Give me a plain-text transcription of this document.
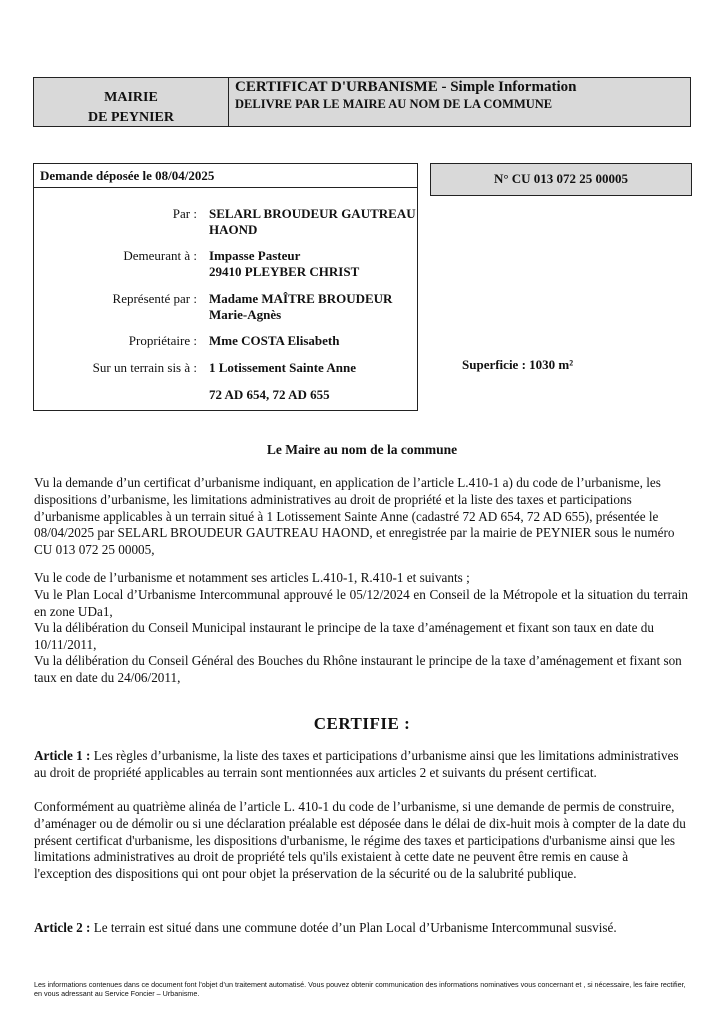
MAIRIE
DE PEYNIER
CERTIFICAT D'URBANISME - Simple Information
DELIVRE PAR LE MAIRE AU NOM DE LA COMMUNE
Demande déposée le 08/04/2025
Par : SELARL BROUDEUR GAUTREAU
HAOND
Demeurant à : Impasse Pasteur
29410 PLEYBER CHRIST
Représenté par : Madame MAÎTRE BROUDEUR
Marie-Agnès
Propriétaire : Mme COSTA Elisabeth
Sur un terrain sis à : 1 Lotissement Sainte Anne
72 AD 654, 72 AD 655
N° CU 013 072 25 00005
Superficie : 1030 m²
Le Maire au nom de la commune
Vu la demande d’un certificat d’urbanisme indiquant, en application de l’article L.410-1 a) du code de l’urbanisme, les dispositions d’urbanisme, les limitations administratives au droit de propriété et la liste des taxes et participations d’urbanisme applicables à un terrain situé à 1 Lotissement Sainte Anne (cadastré 72 AD 654, 72 AD 655), présentée le 08/04/2025 par SELARL BROUDEUR GAUTREAU HAOND, et enregistrée par la mairie de PEYNIER sous le numéro CU 013 072 25 00005,
Vu le code de l’urbanisme et notamment ses articles L.410-1, R.410-1 et suivants ;
Vu le Plan Local d’Urbanisme Intercommunal approuvé le 05/12/2024 en Conseil de la Métropole et la situation du terrain en zone UDa1,
Vu la délibération du Conseil Municipal instaurant le principe de la taxe d’aménagement et fixant son taux en date du 10/11/2011,
Vu la délibération du Conseil Général des Bouches du Rhône instaurant le principe de la taxe d’aménagement et fixant son taux en date du 24/06/2011,
CERTIFIE :
Article 1 : Les règles d’urbanisme, la liste des taxes et participations d’urbanisme ainsi que les limitations administratives au droit de propriété applicables au terrain sont mentionnées aux articles 2 et suivants du présent certificat.
Conformément au quatrième alinéa de l’article L. 410-1 du code de l’urbanisme, si une demande de permis de construire, d’aménager ou de démolir ou si une déclaration préalable est déposée dans le délai de dix-huit mois à compter de la date du présent certificat d'urbanisme, les dispositions d'urbanisme, le régime des taxes et participations d'urbanisme ainsi que les limitations administratives au droit de propriété tels qu'ils existaient à cette date ne peuvent être remis en cause à l'exception des dispositions qui ont pour objet la préservation de la sécurité ou de la salubrité publique.
Article 2 : Le terrain est situé dans une commune dotée d’un Plan Local d’Urbanisme Intercommunal susvisé.
Les informations contenues dans ce document font l’objet d’un traitement automatisé. Vous pouvez obtenir communication des informations nominatives vous concernant et , si nécessaire, les faire rectifier, en vous adressant au Service Foncier – Urbanisme.
